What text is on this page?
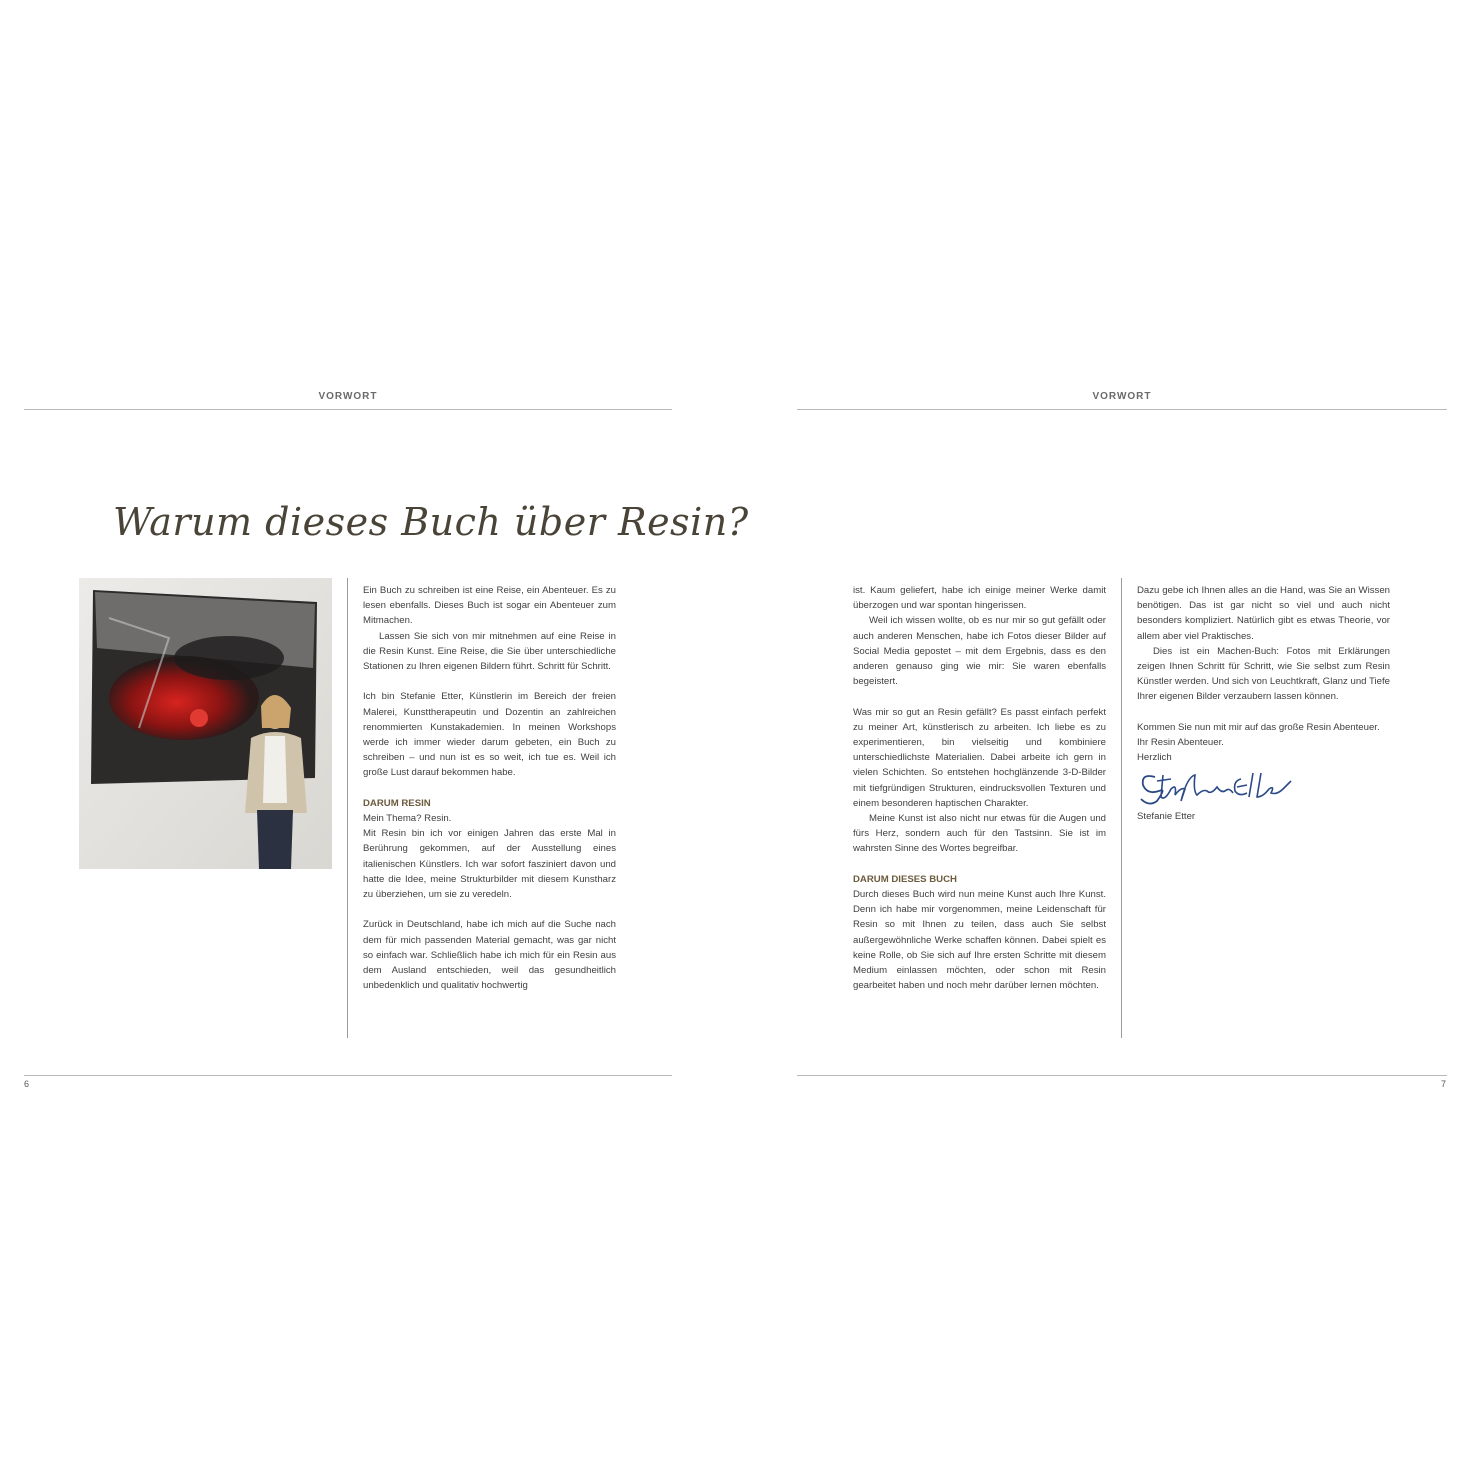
VORWORT
Warum dieses Buch über Resin?

Ein Buch zu schreiben ist eine Reise, ein Abenteuer. Es zu lesen ebenfalls. Dieses Buch ist sogar ein Abenteuer zum Mitmachen.

Lassen Sie sich von mir mitnehmen auf eine Reise in die Resin Kunst. Eine Reise, die Sie über unterschiedliche Stationen zu Ihren eigenen Bildern führt. Schritt für Schritt.

Ich bin Stefanie Etter, Künstlerin im Bereich der freien Malerei, Kunsttherapeutin und Dozentin an zahlreichen renommierten Kunstakademien. In meinen Workshops werde ich immer wieder darum gebeten, ein Buch zu schreiben – und nun ist es so weit, ich tue es. Weil ich große Lust darauf bekommen habe.

DARUM RESIN

Mein Thema? Resin.

Mit Resin bin ich vor einigen Jahren das erste Mal in Berührung gekommen, auf der Ausstellung eines italienischen Künstlers. Ich war sofort fasziniert davon und hatte die Idee, meine Strukturbilder mit diesem Kunstharz zu überziehen, um sie zu veredeln.

Zurück in Deutschland, habe ich mich auf die Suche nach dem für mich passenden Material gemacht, was gar nicht so einfach war. Schließlich habe ich mich für ein Resin aus dem Ausland entschieden, weil das gesundheitlich unbedenklich und qualitativ hochwertig

6
VORWORT

ist. Kaum geliefert, habe ich einige meiner Werke damit überzogen und war spontan hingerissen.

Weil ich wissen wollte, ob es nur mir so gut gefällt oder auch anderen Menschen, habe ich Fotos dieser Bilder auf Social Media gepostet – mit dem Ergebnis, dass es den anderen genauso ging wie mir: Sie waren ebenfalls begeistert.

Was mir so gut an Resin gefällt? Es passt einfach perfekt zu meiner Art, künstlerisch zu arbeiten. Ich liebe es zu experimentieren, bin vielseitig und kombiniere unterschiedlichste Materialien. Dabei arbeite ich gern in vielen Schichten. So entstehen hochglänzende 3-D-Bilder mit tiefgründigen Strukturen, eindrucksvollen Texturen und einem besonderen haptischen Charakter.

Meine Kunst ist also nicht nur etwas für die Augen und fürs Herz, sondern auch für den Tastsinn. Sie ist im wahrsten Sinne des Wortes begreifbar.

DARUM DIESES BUCH

Durch dieses Buch wird nun meine Kunst auch Ihre Kunst. Denn ich habe mir vorgenommen, meine Leidenschaft für Resin so mit Ihnen zu teilen, dass auch Sie selbst außergewöhnliche Werke schaffen können. Dabei spielt es keine Rolle, ob Sie sich auf Ihre ersten Schritte mit diesem Medium einlassen möchten, oder schon mit Resin gearbeitet haben und noch mehr darüber lernen möchten.

Dazu gebe ich Ihnen alles an die Hand, was Sie an Wissen benötigen. Das ist gar nicht so viel und auch nicht besonders kompliziert. Natürlich gibt es etwas Theorie, vor allem aber viel Praktisches.

Dies ist ein Machen-Buch: Fotos mit Erklärungen zeigen Ihnen Schritt für Schritt, wie Sie selbst zum Resin Künstler werden. Und sich von Leuchtkraft, Glanz und Tiefe Ihrer eigenen Bilder verzaubern lassen können.

Kommen Sie nun mit mir auf das große Resin Abenteuer.

Ihr Resin Abenteuer.

Herzlich

Stefanie Etter

7
